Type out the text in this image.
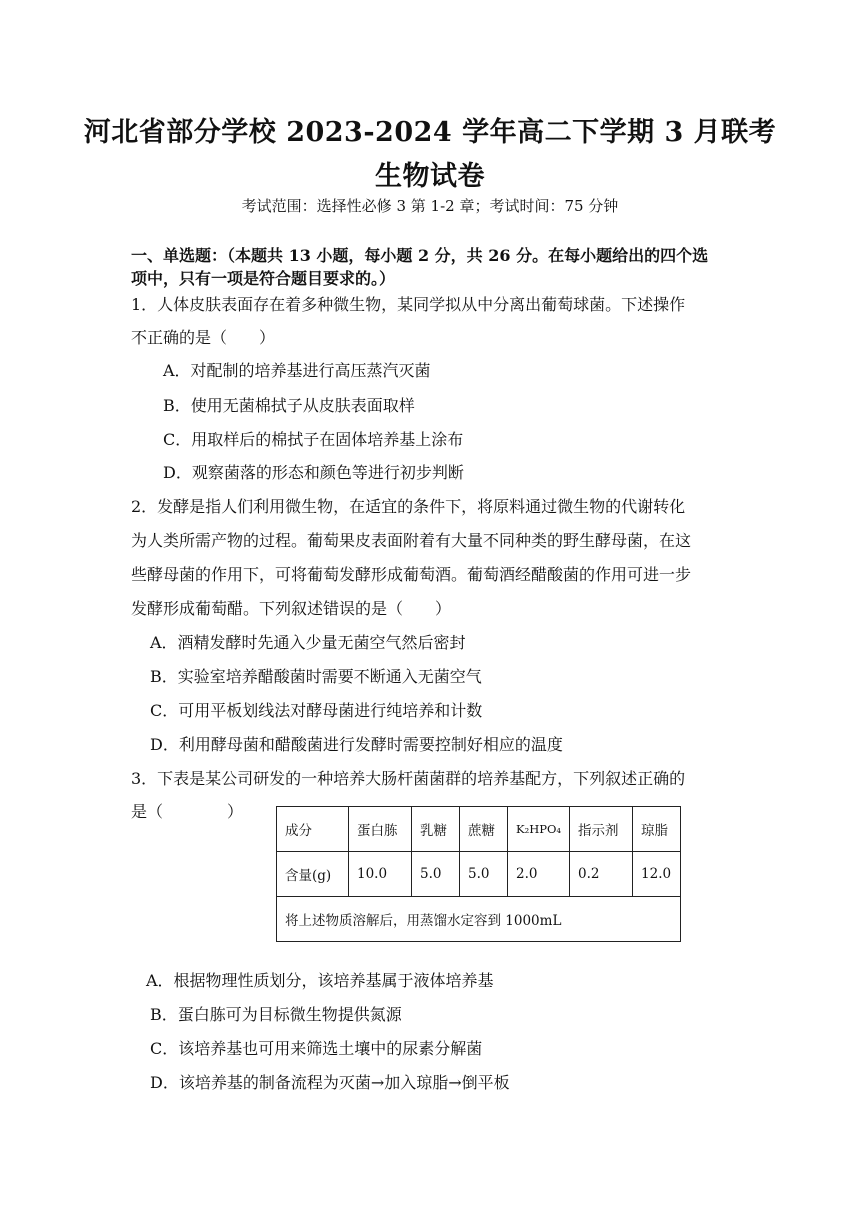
河北省部分学校 2023-2024 学年高二下学期 3 月联考
生物试卷
考试范围：选择性必修 3 第 1-2 章；考试时间：75 分钟
一、单选题：（本题共 13 小题，每小题 2 分，共 26 分。在每小题给出的四个选
项中，只有一项是符合题目要求的。）
1．人体皮肤表面存在着多种微生物，某同学拟从中分离出葡萄球菌。下述操作
不正确的是（　　）
A．对配制的培养基进行高压蒸汽灭菌
B．使用无菌棉拭子从皮肤表面取样
C．用取样后的棉拭子在固体培养基上涂布
D．观察菌落的形态和颜色等进行初步判断
2．发酵是指人们利用微生物，在适宜的条件下，将原料通过微生物的代谢转化
为人类所需产物的过程。葡萄果皮表面附着有大量不同种类的野生酵母菌，在这
些酵母菌的作用下，可将葡萄发酵形成葡萄酒。葡萄酒经醋酸菌的作用可进一步
发酵形成葡萄醋。下列叙述错误的是（　　）
A．酒精发酵时先通入少量无菌空气然后密封
B．实验室培养醋酸菌时需要不断通入无菌空气
C．可用平板划线法对酵母菌进行纯培养和计数
D．利用酵母菌和醋酸菌进行发酵时需要控制好相应的温度
3．下表是某公司研发的一种培养大肠杆菌菌群的培养基配方，下列叙述正确的
是（　　　　）
成分	蛋白胨	乳糖	蔗糖	K₂HPO₄	指示剂	琼脂
含量(g)	10.0	5.0	5.0	2.0	0.2	12.0
将上述物质溶解后，用蒸馏水定容到 1000mL						
A．根据物理性质划分，该培养基属于液体培养基
B．蛋白胨可为目标微生物提供氮源
C．该培养基也可用来筛选土壤中的尿素分解菌
D．该培养基的制备流程为灭菌→加入琼脂→倒平板
